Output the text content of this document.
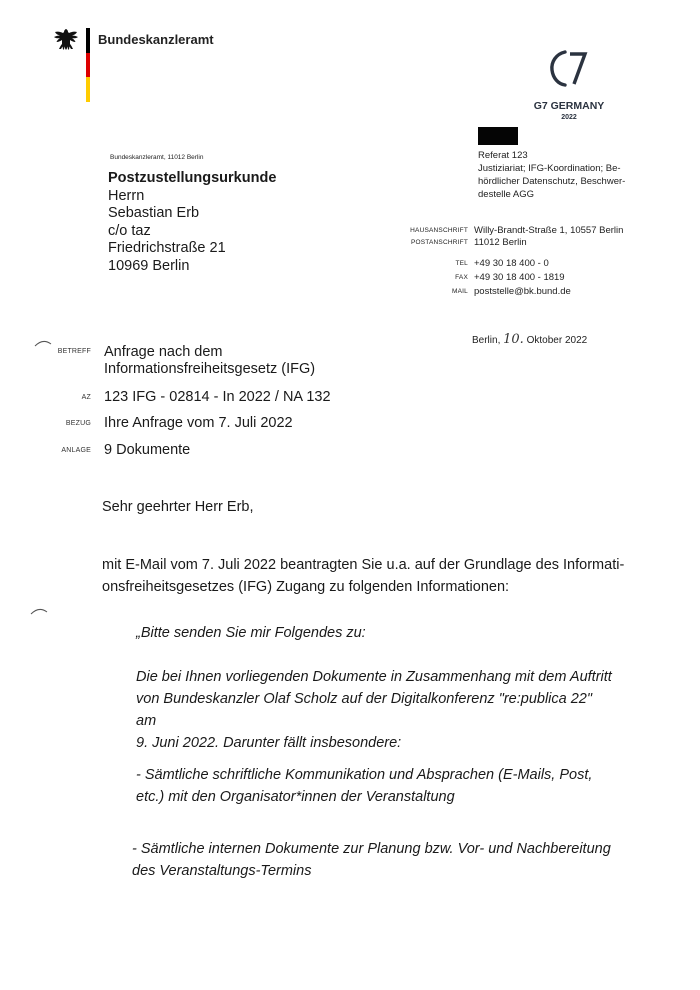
Bundeskanzleramt
G7 GERMANY
2022
Bundeskanzleramt, 11012 Berlin
Postzustellungsurkunde
Herrn
Sebastian Erb
c/o taz
Friedrichstraße 21
10969 Berlin
Referat 123
Justiziariat; IFG-Koordination; Be-
hördlicher Datenschutz, Beschwer-
destelle AGG
HAUSANSCHRIFT Willy-Brandt-Straße 1, 10557 Berlin
POSTANSCHRIFT 11012 Berlin
TEL +49 30 18 400 - 0
FAX +49 30 18 400 - 1819
MAIL poststelle@bk.bund.de
Berlin, 10. Oktober 2022
BETREFF Anfrage nach dem
Informationsfreiheitsgesetz (IFG)
AZ 123 IFG - 02814 - In 2022 / NA 132
BEZUG Ihre Anfrage vom 7. Juli 2022
ANLAGE 9 Dokumente
Sehr geehrter Herr Erb,
mit E-Mail vom 7. Juli 2022 beantragten Sie u.a. auf der Grundlage des Informati-
onsfreiheitsgesetzes (IFG) Zugang zu folgenden Informationen:
„Bitte senden Sie mir Folgendes zu:
Die bei Ihnen vorliegenden Dokumente in Zusammenhang mit dem Auftritt
von Bundeskanzler Olaf Scholz auf der Digitalkonferenz "re:publica 22" am
9. Juni 2022. Darunter fällt insbesondere:
- Sämtliche schriftliche Kommunikation und Absprachen (E-Mails, Post,
etc.) mit den Organisator*innen der Veranstaltung
- Sämtliche internen Dokumente zur Planung bzw. Vor- und Nachbereitung
des Veranstaltungs-Termins
